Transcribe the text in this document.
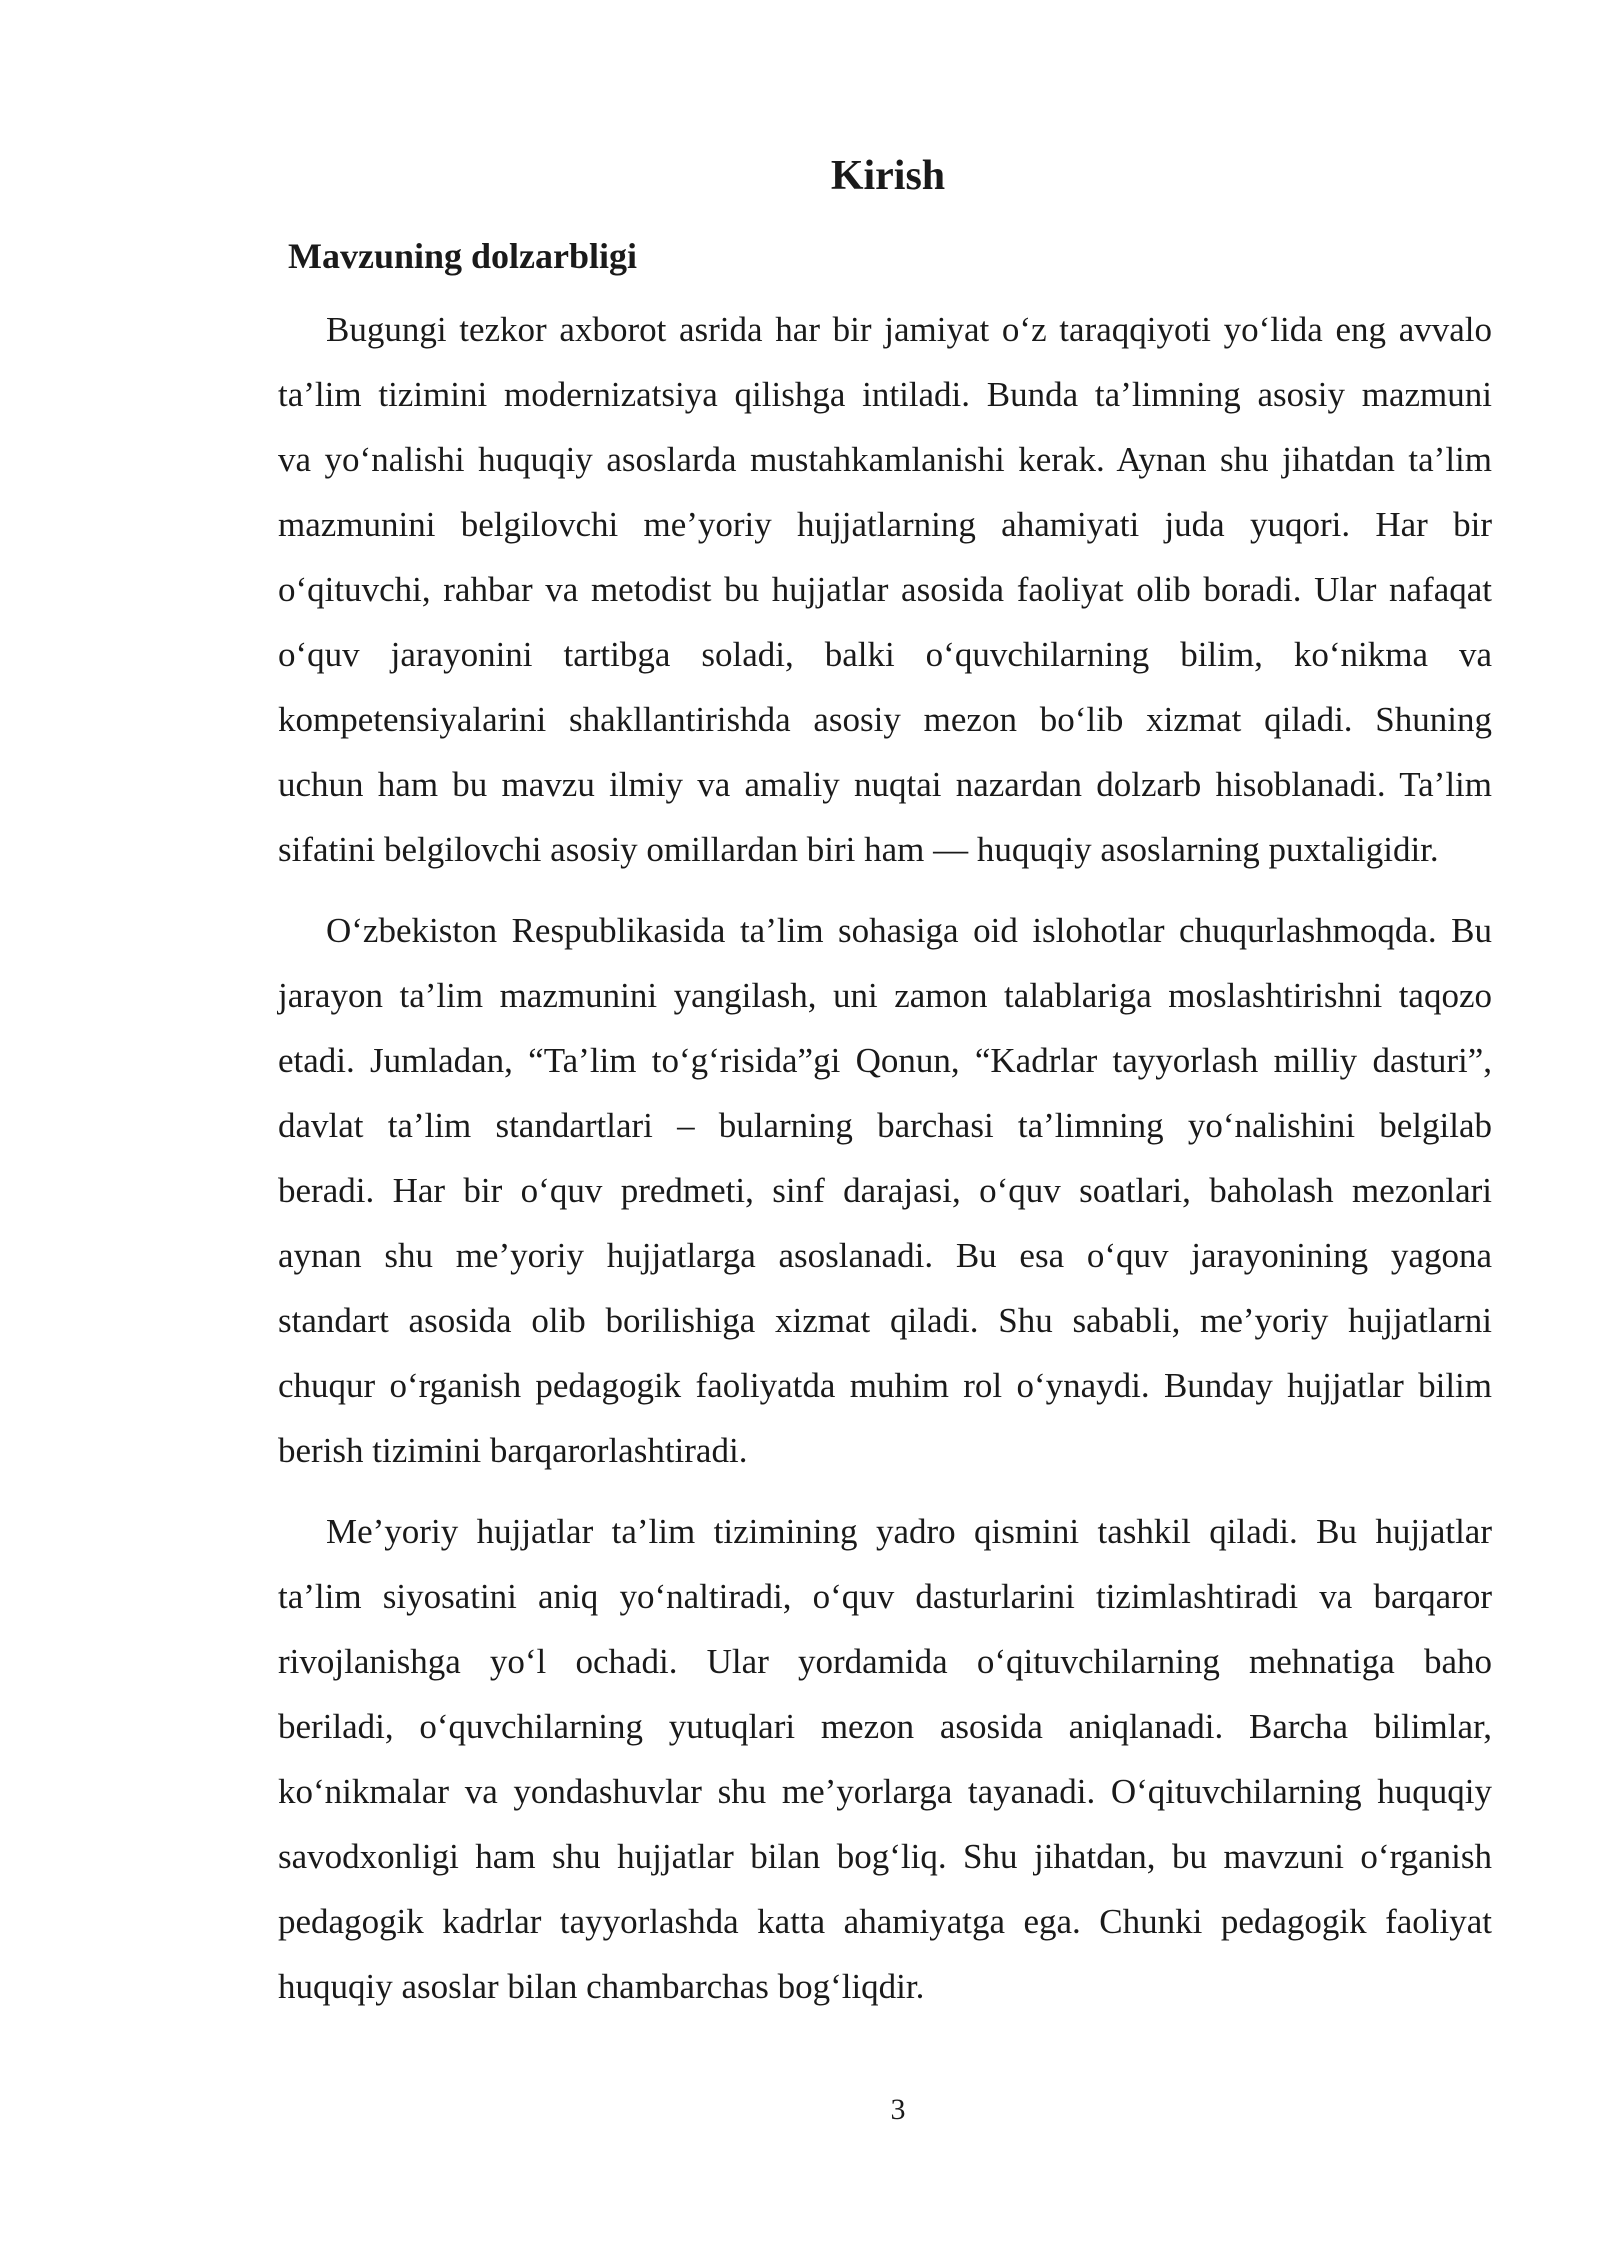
Kirish
Mavzuning dolzarbligi
Bugungi tezkor axborot asrida har bir jamiyat o‘z taraqqiyoti yo‘lida eng avvalo
ta’lim tizimini modernizatsiya qilishga intiladi. Bunda ta’limning asosiy mazmuni
va yo‘nalishi huquqiy asoslarda mustahkamlanishi kerak. Aynan shu jihatdan ta’lim
mazmunini belgilovchi me’yoriy hujjatlarning ahamiyati juda yuqori. Har bir
o‘qituvchi, rahbar va metodist bu hujjatlar asosida faoliyat olib boradi. Ular nafaqat
o‘quv jarayonini tartibga soladi, balki o‘quvchilarning bilim, ko‘nikma va
kompetensiyalarini shakllantirishda asosiy mezon bo‘lib xizmat qiladi. Shuning
uchun ham bu mavzu ilmiy va amaliy nuqtai nazardan dolzarb hisoblanadi. Ta’lim
sifatini belgilovchi asosiy omillardan biri ham — huquqiy asoslarning puxtaligidir.
O‘zbekiston Respublikasida ta’lim sohasiga oid islohotlar chuqurlashmoqda. Bu
jarayon ta’lim mazmunini yangilash, uni zamon talablariga moslashtirishni taqozo
etadi. Jumladan, “Ta’lim to‘g‘risida”gi Qonun, “Kadrlar tayyorlash milliy dasturi”,
davlat ta’lim standartlari – bularning barchasi ta’limning yo‘nalishini belgilab
beradi. Har bir o‘quv predmeti, sinf darajasi, o‘quv soatlari, baholash mezonlari
aynan shu me’yoriy hujjatlarga asoslanadi. Bu esa o‘quv jarayonining yagona
standart asosida olib borilishiga xizmat qiladi. Shu sababli, me’yoriy hujjatlarni
chuqur o‘rganish pedagogik faoliyatda muhim rol o‘ynaydi. Bunday hujjatlar bilim
berish tizimini barqarorlashtiradi.
Me’yoriy hujjatlar ta’lim tizimining yadro qismini tashkil qiladi. Bu hujjatlar
ta’lim siyosatini aniq yo‘naltiradi, o‘quv dasturlarini tizimlashtiradi va barqaror
rivojlanishga yo‘l ochadi. Ular yordamida o‘qituvchilarning mehnatiga baho
beriladi, o‘quvchilarning yutuqlari mezon asosida aniqlanadi. Barcha bilimlar,
ko‘nikmalar va yondashuvlar shu me’yorlarga tayanadi. O‘qituvchilarning huquqiy
savodxonligi ham shu hujjatlar bilan bog‘liq. Shu jihatdan, bu mavzuni o‘rganish
pedagogik kadrlar tayyorlashda katta ahamiyatga ega. Chunki pedagogik faoliyat
huquqiy asoslar bilan chambarchas bog‘liqdir.
3
